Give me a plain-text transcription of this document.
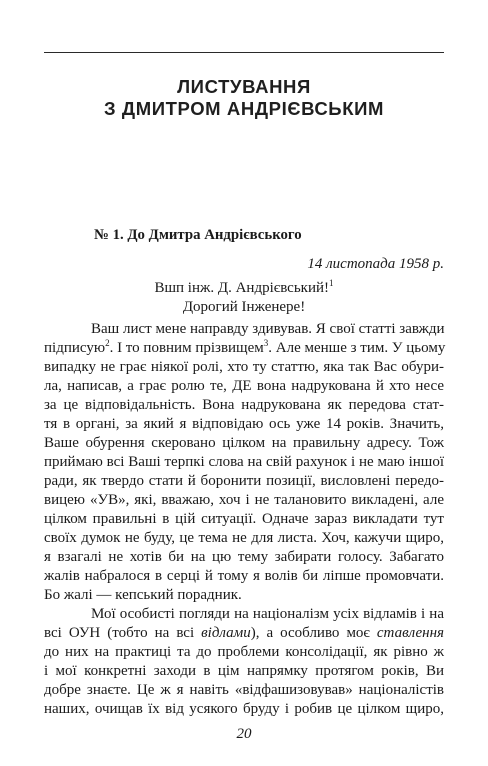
ЛИСТУВАННЯ
З ДМИТРОМ АНДРІЄВСЬКИМ
№ 1. До Дмитра Андрієвського
14 листопада 1958 р.
Вшп інж. Д. Андрієвський!$^1$
Дорогий Інженере!
Ваш лист мене направду здивував. Я свої статті завжди
підписую$^2$. І то повним прізвищем$^3$. Але менше з тим. У цьому
випадку не грає ніякої ролі, хто ту статтю, яка так Вас обури-
ла, написав, а грає ролю те, ДЕ вона надрукована й хто несе
за це відповідальність. Вона надрукована як передова стат-
тя в органі, за який я відповідаю ось уже 14 років. Значить,
Ваше обурення скеровано цілком на правильну адресу. Тож
приймаю всі Ваші терпкі слова на свій рахунок і не маю іншої
ради, як твердо стати й боронити позиції, висловлені передо-
вицею «УВ», які, вважаю, хоч і не талановито викладені, але
цілком правильні в цій ситуації. Одначе зараз викладати тут
своїх думок не буду, це тема не для листа. Хоч, кажучи щиро,
я взагалі не хотів би на цю тему забирати голосу. Забагато
жалів набралося в серці й тому я волів би ліпше промовчати.
Бо жалі — кепський порадник.
Мої особисті погляди на націоналізм усіх відламів і на
всі ОУН (тобто на всі відлами), а особливо моє ставлення
до них на практиці та до проблеми консолідації, як рівно ж
і мої конкретні заходи в цім напрямку протягом років, Ви
добре знаєте. Це ж я навіть «відфашизовував» націоналістів
наших, очищав їх від усякого бруду і робив це цілком щиро,
20
